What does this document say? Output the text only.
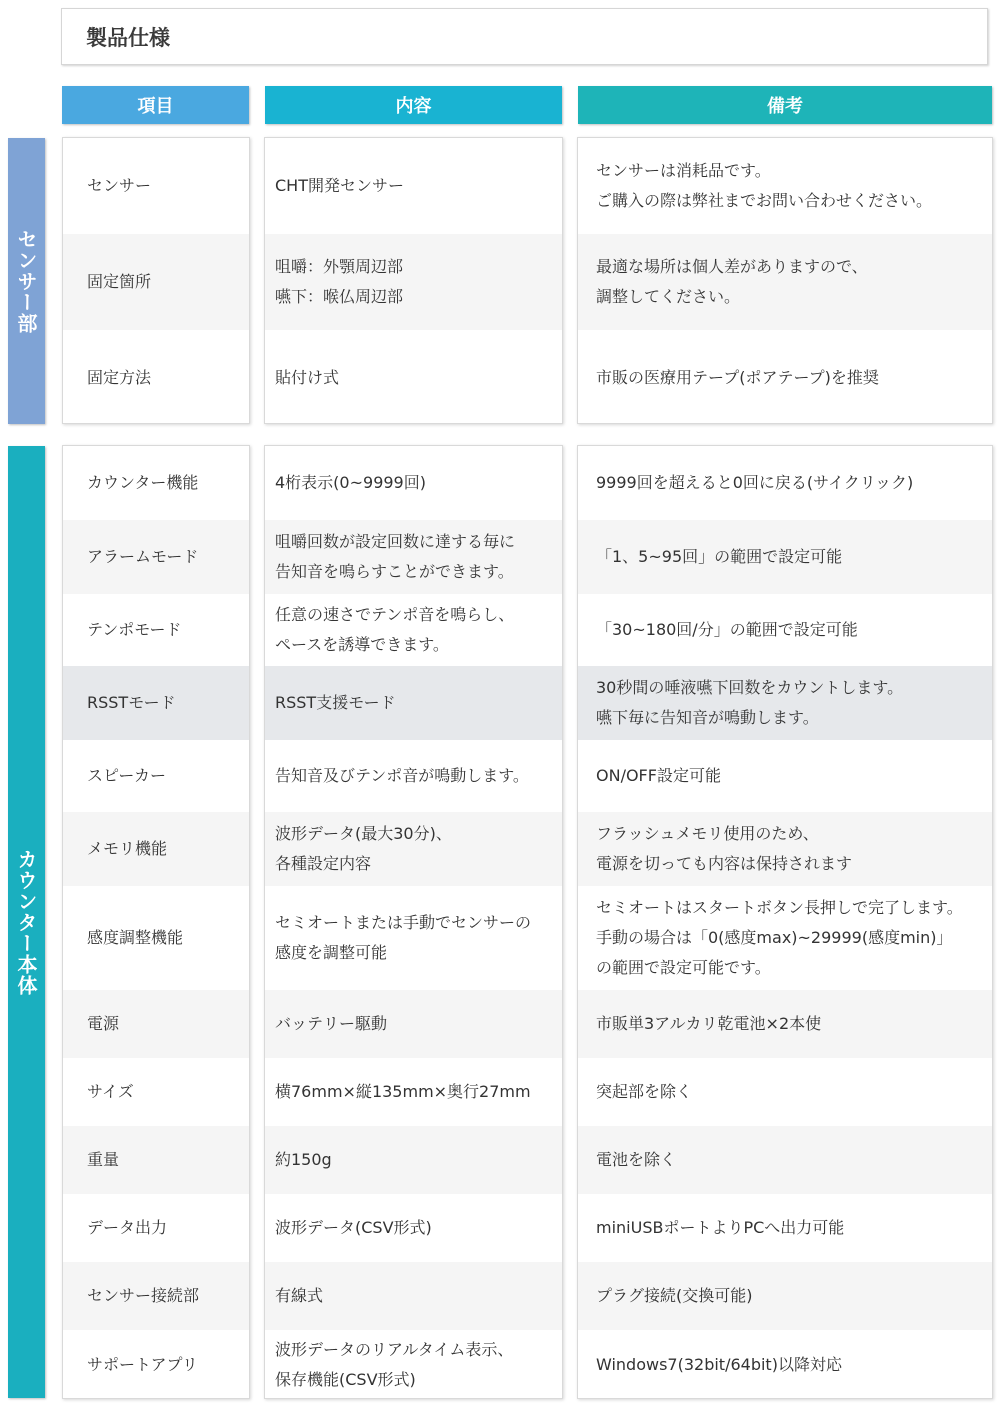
製品仕様
項目	内容	備考
センサー部
カウンター本体
センサー
固定箇所
固定方法
CHT開発センサー
咀嚼：外顎周辺部
嚥下：喉仏周辺部
貼付け式
センサーは消耗品です。
ご購入の際は弊社までお問い合わせください。
最適な場所は個人差がありますので、
調整してください。
市販の医療用テープ(ポアテープ)を推奨
カウンター機能
アラームモード
テンポモード
RSSTモード
スピーカー
メモリ機能
感度調整機能
電源
サイズ
重量
データ出力
センサー接続部
サポートアプリ
4桁表示(0~9999回)
咀嚼回数が設定回数に達する毎に
告知音を鳴らすことができます。
任意の速さでテンポ音を鳴らし、
ペースを誘導できます。
RSST支援モード
告知音及びテンポ音が鳴動します。
波形データ(最大30分)、
各種設定内容
セミオートまたは手動でセンサーの
感度を調整可能
バッテリー駆動
横76mm×縦135mm×奥行27mm
約150g
波形データ(CSV形式)
有線式
波形データのリアルタイム表示、
保存機能(CSV形式)
9999回を超えると0回に戻る(サイクリック)
「1、5~95回」の範囲で設定可能
「30~180回/分」の範囲で設定可能
30秒間の唾液嚥下回数をカウントします。
嚥下毎に告知音が鳴動します。
ON/OFF設定可能
フラッシュメモリ使用のため、
電源を切っても内容は保持されます
セミオートはスタートボタン長押しで完了します。
手動の場合は「0(感度max)~29999(感度min)」
の範囲で設定可能です。
市販単3アルカリ乾電池×2本使
突起部を除く
電池を除く
miniUSBポートよりPCへ出力可能
プラグ接続(交換可能)
Windows7(32bit/64bit)以降対応
